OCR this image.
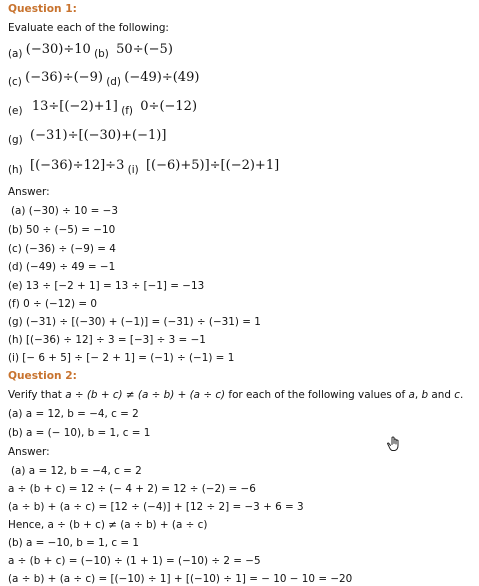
Question 1:
Evaluate each of the following:
(a) (−30)÷10 (b) 50÷(−5)
(c) (−36)÷(−9) (d) (−49)÷(49)
(e) 13÷[(−2)+1] (f) 0÷(−12)
(g) (−31)÷[(−30)+(−1)]
(h) [(−36)÷12]÷3 (i) [(−6)+5)]÷[(−2)+1]
Answer:
(a) (−30) ÷ 10 = −3
(b) 50 ÷ (−5) = −10
(c) (−36) ÷ (−9) = 4
(d) (−49) ÷ 49 = −1
(e) 13 ÷ [−2 + 1] = 13 ÷ [−1] = −13
(f) 0 ÷ (−12) = 0
(g) (−31) ÷ [(−30) + (−1)] = (−31) ÷ (−31) = 1
(h) [(−36) ÷ 12] ÷ 3 = [−3] ÷ 3 = −1
(i) [− 6 + 5] ÷ [− 2 + 1] = (−1) ÷ (−1) = 1
Question 2:
Verify that a ÷ (b + c) ≠ (a ÷ b) + (a ÷ c) for each of the following values of a, b and c.
(a) a = 12, b = −4, c = 2
(b) a = (− 10), b = 1, c = 1
Answer:
(a) a = 12, b = −4, c = 2
a ÷ (b + c) = 12 ÷ (− 4 + 2) = 12 ÷ (−2) = −6
(a ÷ b) + (a ÷ c) = [12 ÷ (−4)] + [12 ÷ 2] = −3 + 6 = 3
Hence, a ÷ (b + c) ≠ (a ÷ b) + (a ÷ c)
(b) a = −10, b = 1, c = 1
a ÷ (b + c) = (−10) ÷ (1 + 1) = (−10) ÷ 2 = −5
(a ÷ b) + (a ÷ c) = [(−10) ÷ 1] + [(−10) ÷ 1] = − 10 − 10 = −20
